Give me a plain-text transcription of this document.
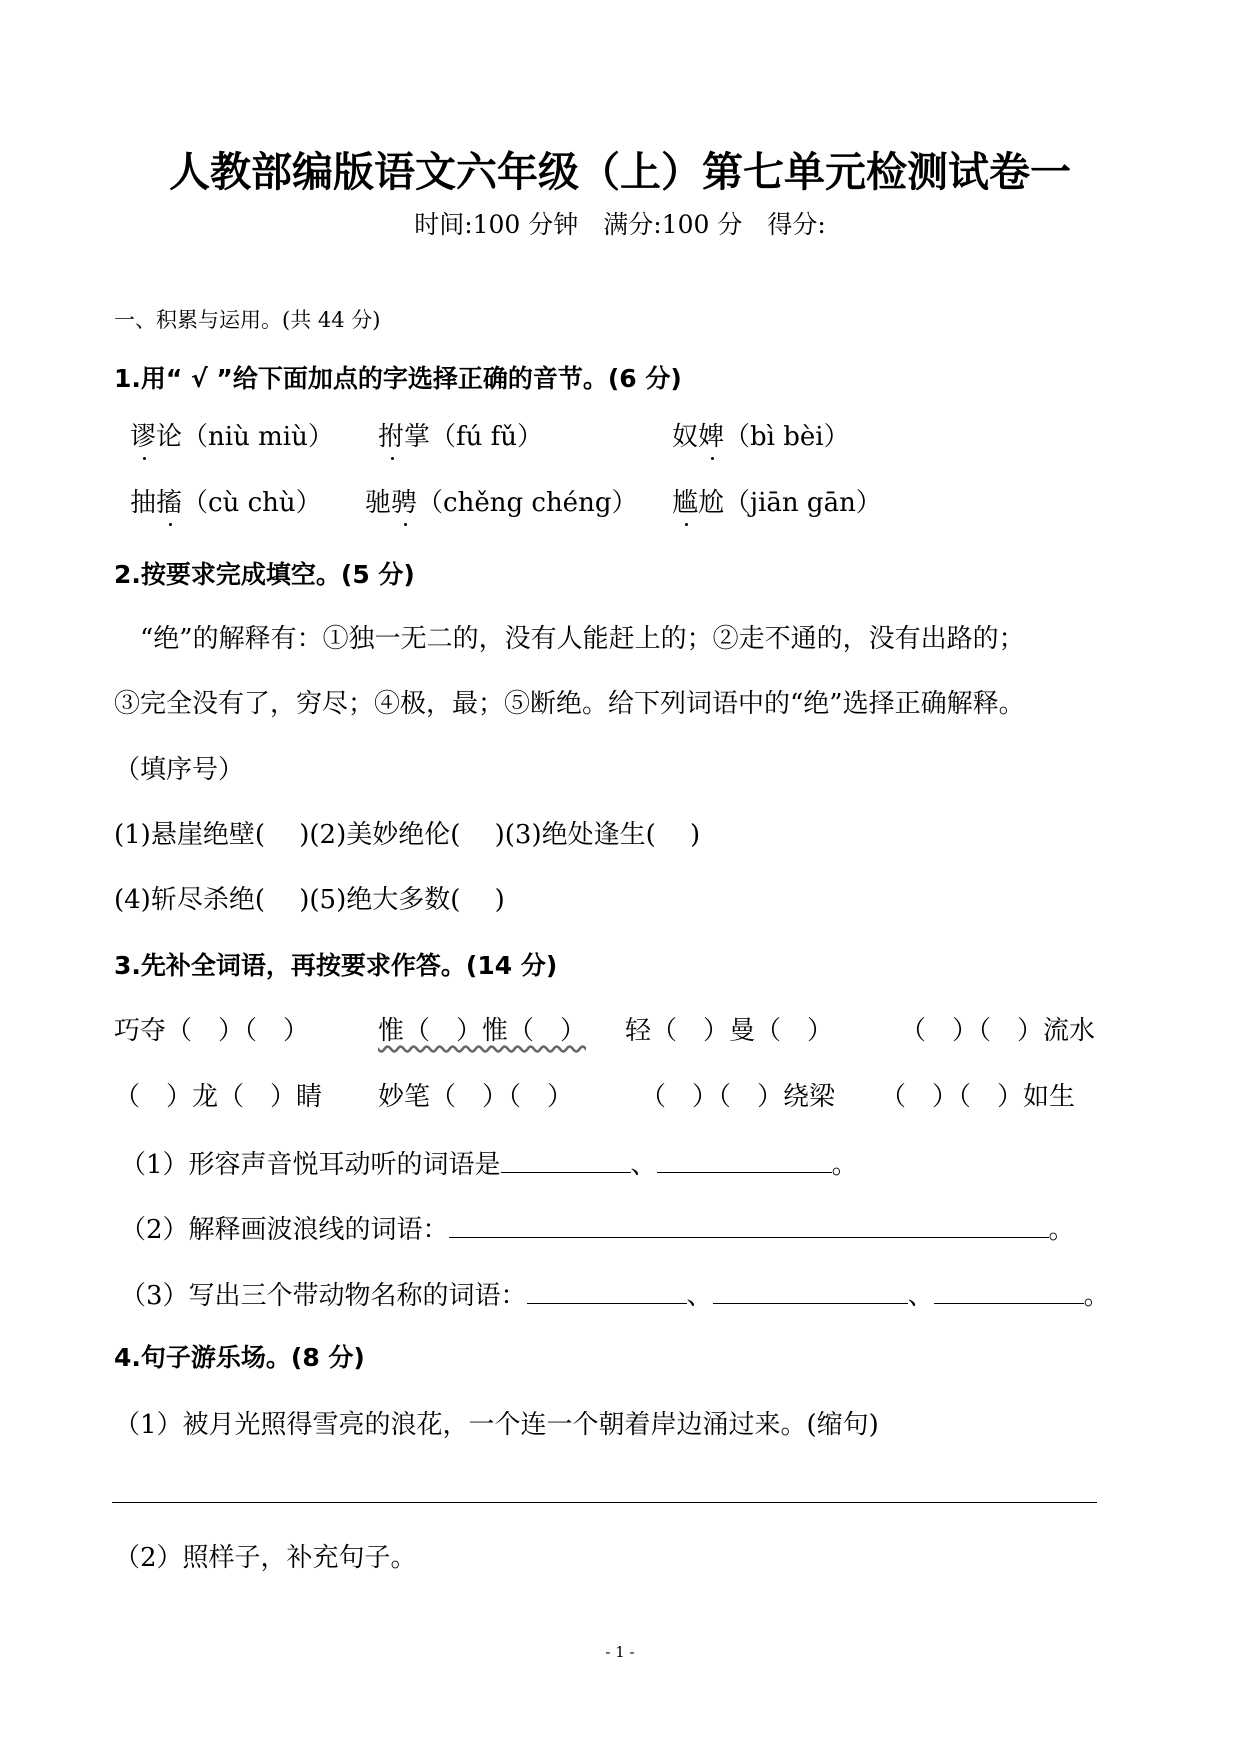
人教部编版语文六年级（上）第七单元检测试卷一
时间:100 分钟　满分:100 分　得分:
一、积累与运用。(共 44 分)
1.用“ √ ”给下面加点的字选择正确的音节。(6 分)
谬论（niù miù） 拊掌（fú fǔ）	奴婢（bì bèi）
抽搐（cù chù） 驰骋（chěng chéng） 尴尬（jiān gān）
2.按要求完成填空。(5 分)
“绝”的解释有：①独一无二的，没有人能赶上的；②走不通的，没有出路的；
③完全没有了，穷尽；④极，最；⑤断绝。给下列词语中的“绝”选择正确解释。
（填序号）
(1)悬崖绝壁(　 )(2)美妙绝伦(　 )(3)绝处逢生(　 )
(4)斩尽杀绝(　 )(5)绝大多数(　 )
3.先补全词语，再按要求作答。(14 分)
巧夺（　）（　）	惟（　）惟（　） 轻（　）曼（　）	（　）（　）流水
（　）龙（　）睛 妙笔（　）（　）	（　）（　）绕梁 （　）（　）如生
（1）形容声音悦耳动听的词语是	、	。
（2）解释画波浪线的词语：	。
（3）写出三个带动物名称的词语：	、	、	。
4.句子游乐场。(8 分)
（1）被月光照得雪亮的浪花，一个连一个朝着岸边涌过来。(缩句)
（2）照样子，补充句子。
- 1 -
